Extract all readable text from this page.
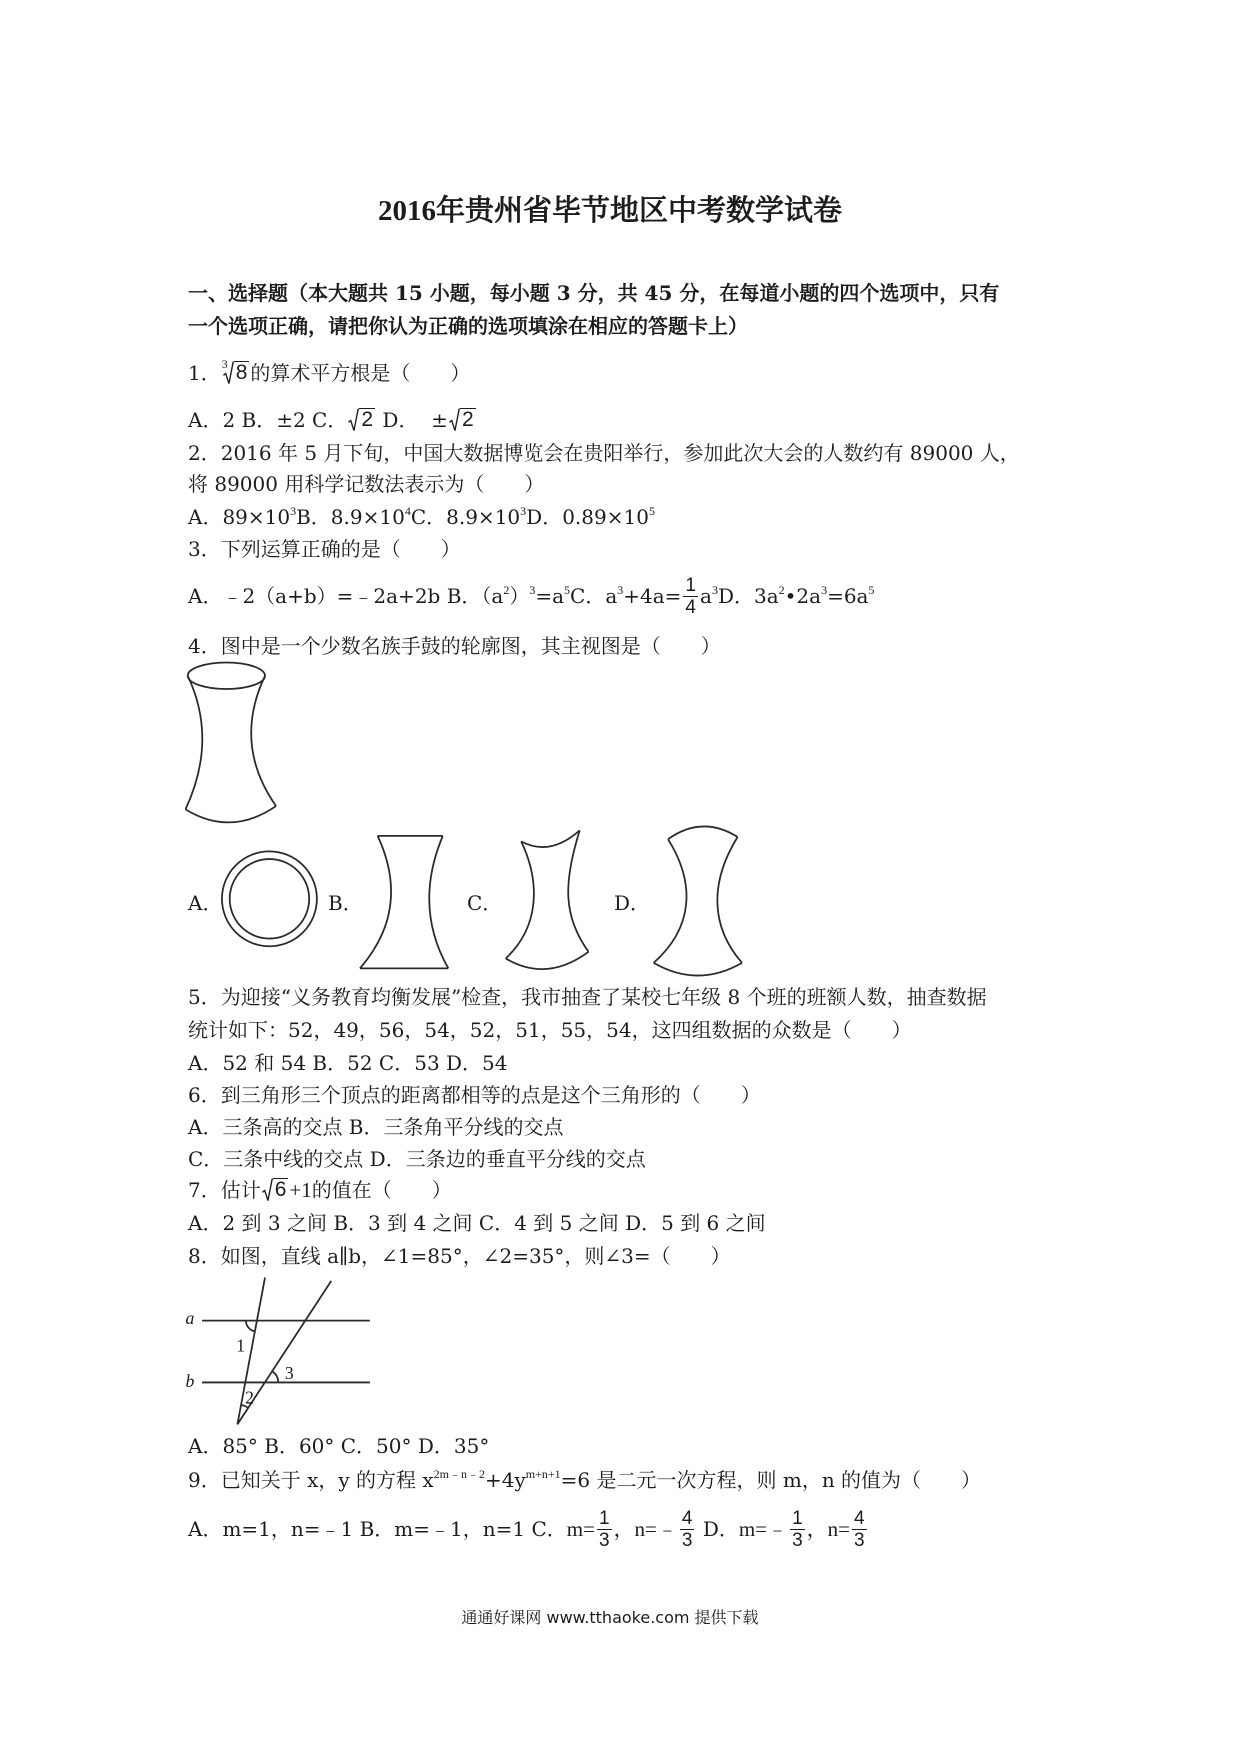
2016年贵州省毕节地区中考数学试卷
一、选择题（本大题共 15 小题，每小题 3 分，共 45 分，在每道小题的四个选项中，只有
一个选项正确，请把你认为正确的选项填涂在相应的答题卡上）
1． 3 8 的算术平方根是（　　）
A．2 B．±2 C． 2 D．  ± 2
2．2016 年 5 月下旬，中国大数据博览会在贵阳举行，参加此次大会的人数约有 89000 人，
将 89000 用科学记数法表示为（　　）
A．89×10 3 B．8.9×10 4 C．8.9×10 3 D．0.89×10 5
3．下列运算正确的是（　　）
A．﹣2（a+b）=﹣2a+2b B．（a 2 ） 3 =a 5 C．a $3 +4a= \frac{1}{4}$ a 3 D．3a 2 •2a 3 =6a 5
4．图中是一个少数名族手鼓的轮廓图，其主视图是（　　）
A．	B．	C．	D．
5．为迎接“义务教育均衡发展”检查，我市抽查了某校七年级 8 个班的班额人数，抽查数据
统计如下：52，49，56，54，52，51，55，54，这四组数据的众数是（　　）
A．52 和 54 B．52 C．53 D．54
6．到三角形三个顶点的距离都相等的点是这个三角形的（　　）
A．三条高的交点 B．三条角平分线的交点
C．三条中线的交点 D．三条边的垂直平分线的交点
7．估计 6 +1 的值在（　　）
A．2 到 3 之间 B．3 到 4 之间 C．4 到 5 之间 D．5 到 6 之间
8．如图，直线 a∥b，∠1=85°，∠2=35°，则∠3=（　　）
A．85° B．60° C．50° D．35°
9．已知关于 x，y 的方程 x 2m﹣n﹣2 +4y m+n+1 =6 是二元一次方程，则 m，n 的值为（　　）
A．m=1，n=﹣1 B．m=﹣1，n=1 C． $m= \frac{1}{3}$ ，n=﹣ $\frac{4}{3}$ D． m=﹣ $\frac{1}{3}$ ，$n= \frac{4}{3}$
a
b
1
2
3
通通好课网 www.tthaoke.com 提供下载
